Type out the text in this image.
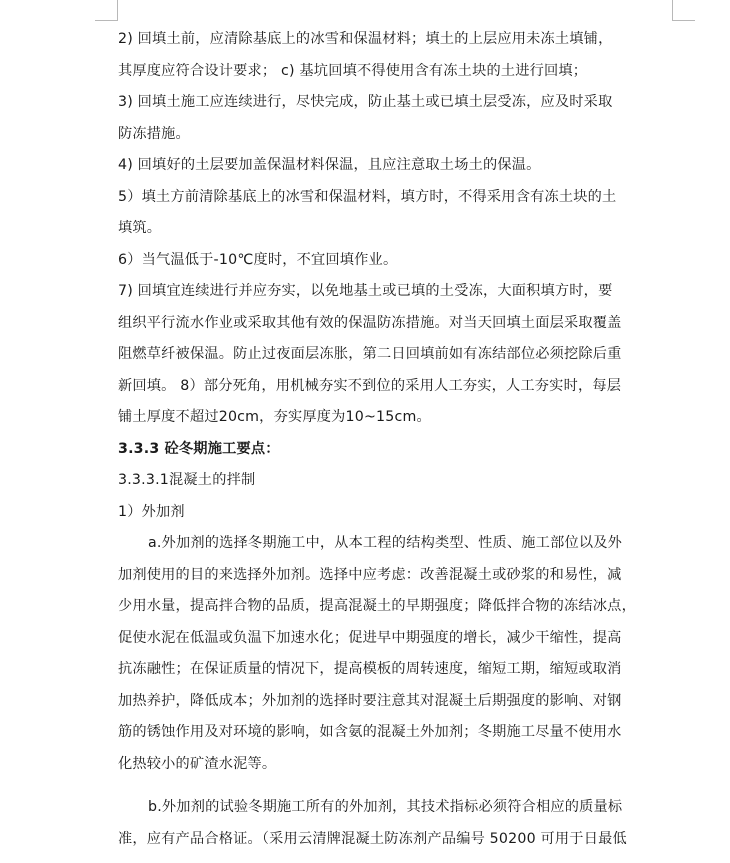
2) 回填土前，应清除基底上的冰雪和保温材料；填土的上层应用未冻土填铺，
其厚度应符合设计要求； c) 基坑回填不得使用含有冻土块的土进行回填；
3) 回填土施工应连续进行，尽快完成，防止基土或已填土层受冻，应及时采取
防冻措施。
4) 回填好的土层要加盖保温材料保温，且应注意取土场土的保温。
5）填土方前清除基底上的冰雪和保温材料，填方时，不得采用含有冻土块的土
填筑。
6）当气温低于-10℃度时，不宜回填作业。
7) 回填宜连续进行并应夯实，以免地基土或已填的土受冻，大面积填方时，要
组织平行流水作业或采取其他有效的保温防冻措施。对当天回填土面层采取覆盖
阻燃草纤被保温。防止过夜面层冻胀，第二日回填前如有冻结部位必须挖除后重
新回填。 8）部分死角，用机械夯实不到位的采用人工夯实，人工夯实时，每层
铺土厚度不超过20cm，夯实厚度为10~15cm。
3.3.3 砼冬期施工要点：
3.3.3.1混凝土的拌制
1）外加剂
a.外加剂的选择冬期施工中，从本工程的结构类型、性质、施工部位以及外
加剂使用的目的来选择外加剂。选择中应考虑：改善混凝土或砂浆的和易性，减
少用水量，提高拌合物的品质，提高混凝土的早期强度；降低拌合物的冻结冰点，
促使水泥在低温或负温下加速水化；促进早中期强度的增长，减少干缩性，提高
抗冻融性；在保证质量的情况下，提高模板的周转速度，缩短工期，缩短或取消
加热养护，降低成本；外加剂的选择时要注意其对混凝土后期强度的影响、对钢
筋的锈蚀作用及对环境的影响，如含氨的混凝土外加剂；冬期施工尽量不使用水
化热较小的矿渣水泥等。
b.外加剂的试验冬期施工所有的外加剂，其技术指标必须符合相应的质量标
准，应有产品合格证。（采用云清牌混凝土防冻剂产品编号 50200 可用于日最低
